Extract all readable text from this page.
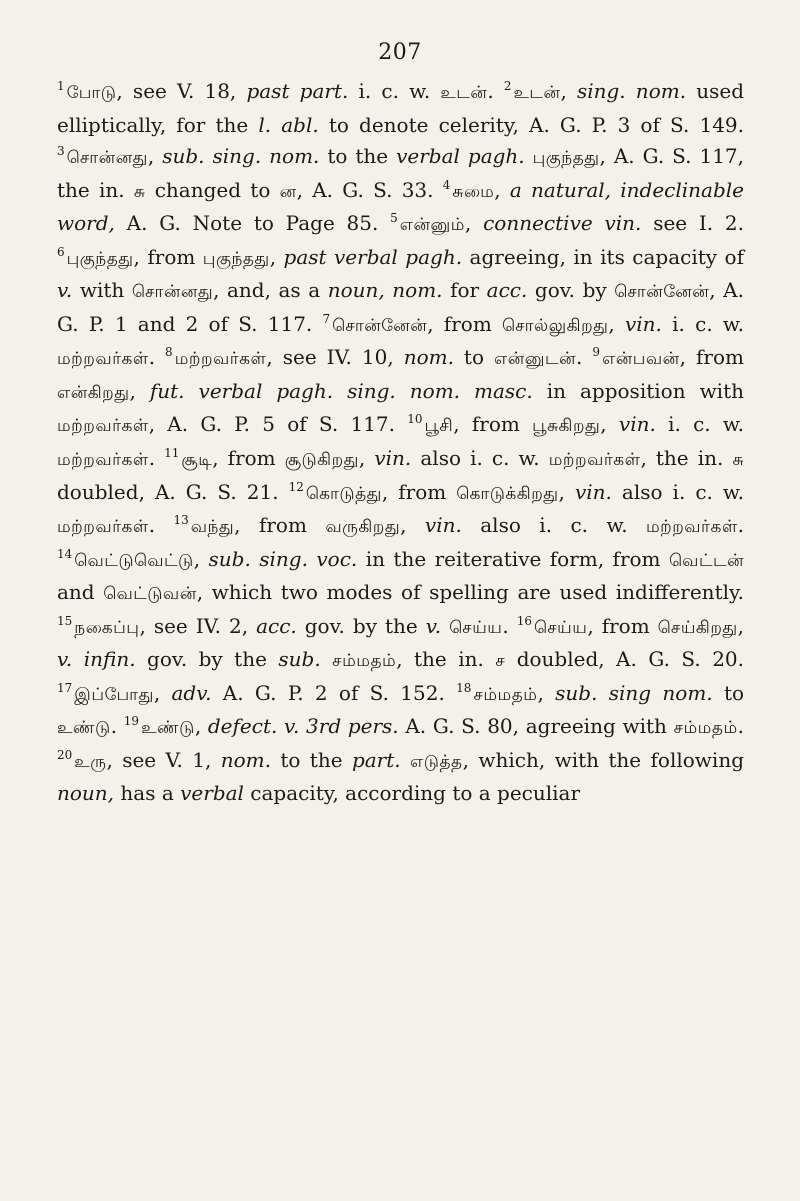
207

$^1$ போடு, see V. 18, past part. i. c. w. உடன். $^2$ உடன், sing. nom. used elliptically, for the l. abl. to denote celerity, A. G. P. 3 of S. 149. $^3$ சொன்னது, sub. sing. nom. to the verbal pagh. புகுந்தது, A. G. S. 117, the in. சு changed to ன, A. G. S. 33. $^4$ சுமை, a natural, indeclinable word, A. G. Note to Page 85. $^5$ என்னும், connective vin. see I. 2. $^6$ புகுந்தது, from புகுந்தது, past verbal pagh. agreeing, in its capacity of v. with சொன்னது, and, as a noun, nom. for acc. gov. by சொன்னேன், A. G. P. 1 and 2 of S. 117. $^7$ சொன்னேன், from சொல்லுகிறது, vin. i. c. w. மற்றவர்கள். $^8$ மற்றவர்கள், see IV. 10, nom. to என்னுடன். $^9$ என்பவன், from என்கிறது, fut. verbal pagh. sing. nom. masc. in apposition with மற்றவர்கள், A. G. P. 5 of S. 117. $^{10}$ பூசி, from பூசுகிறது, vin. i. c. w. மற்றவர்கள். $^{11}$ சூடி, from சூடுகிறது, vin. also i. c. w. மற்றவர்கள், the in. சு doubled, A. G. S. 21. $^{12}$ கொடுத்து, from கொடுக்கிறது, vin. also i. c. w. மற்றவர்கள். $^{13}$ வந்து, from வருகிறது, vin. also i. c. w. மற்றவர்கள். $^{14}$ வெட்டுவெட்டு, sub. sing. voc. in the reiterative form, from வெட்டன் and வெட்டுவன், which two modes of spelling are used indifferently. $^{15}$ நகைப்பு, see IV. 2, acc. gov. by the v. செய்ய. $^{16}$ செய்ய, from செய்கிறது, v. infin. gov. by the sub. சம்மதம், the in. ச doubled, A. G. S. 20. $^{17}$ இப்போது, adv. A. G. P. 2 of S. 152. $^{18}$ சம்மதம், sub. sing nom. to உண்டு. $^{19}$ உண்டு, defect. v. 3rd pers. A. G. S. 80, agreeing with சம்மதம். $^{20}$ உரு, see V. 1, nom. to the part. எடுத்த, which, with the following noun, has a verbal capacity, according to a peculiar
